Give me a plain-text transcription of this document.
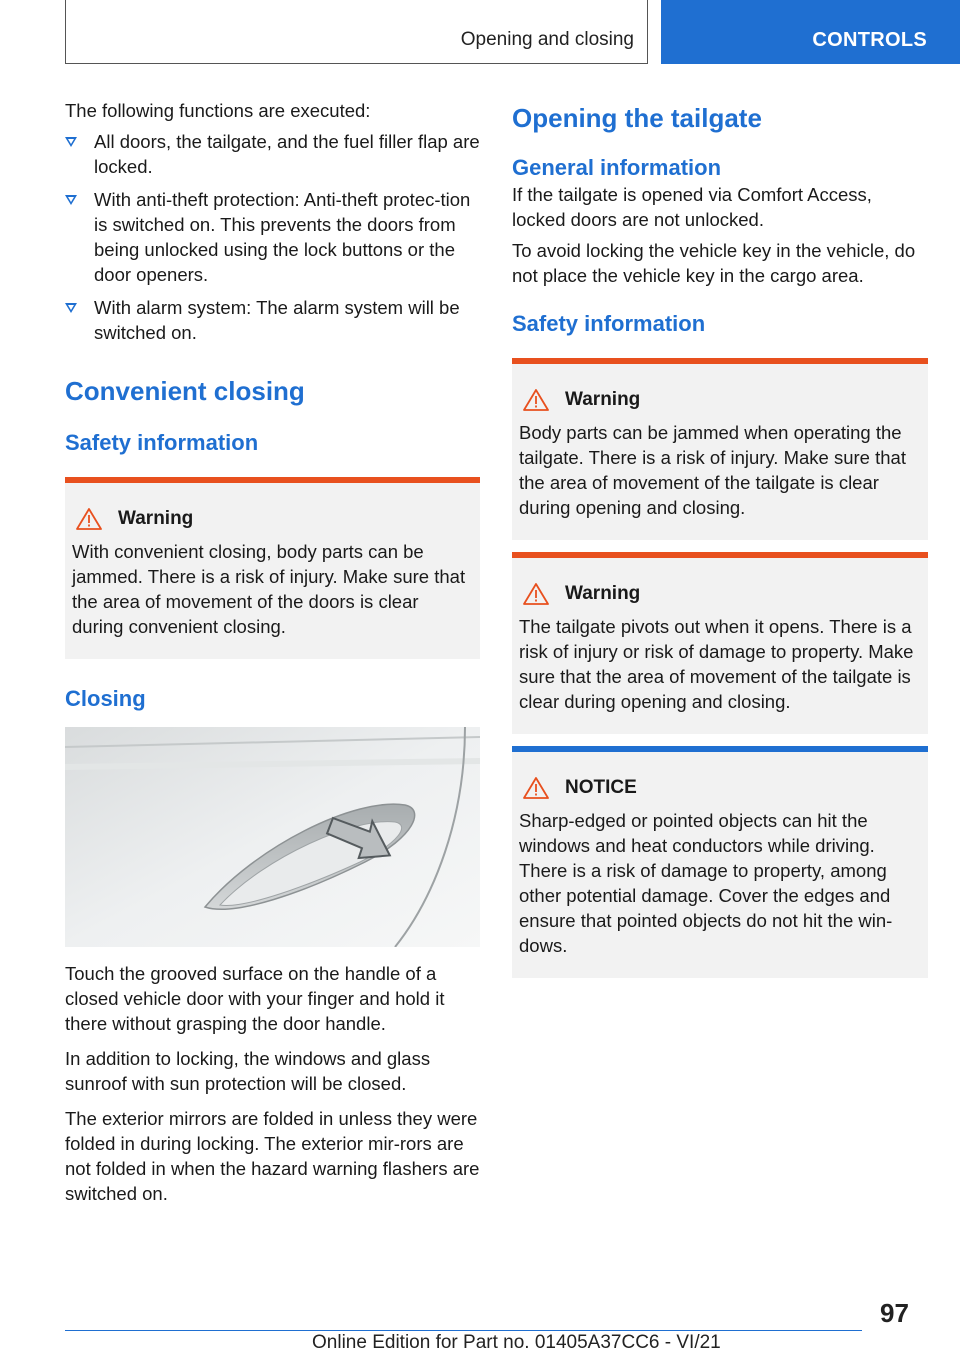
Opening and closing	CONTROLS

The following functions are executed:

All doors, the tailgate, and the fuel filler flap are locked.
With anti-theft protection: Anti-theft protec-tion is switched on. This prevents the doors from being unlocked using the lock buttons or the door openers.
With alarm system: The alarm system will be switched on.
Convenient closing
Safety information
Warning

With convenient closing, body parts can be jammed. There is a risk of injury. Make sure that the area of movement of the doors is clear during convenient closing.

Closing

Touch the grooved surface on the handle of a closed vehicle door with your finger and hold it there without grasping the door handle.

In addition to locking, the windows and glass sunroof with sun protection will be closed.

The exterior mirrors are folded in unless they were folded in during locking. The exterior mir-rors are not folded in when the hazard warning flashers are switched on.

Opening the tailgate
General information

If the tailgate is opened via Comfort Access, locked doors are not unlocked.

To avoid locking the vehicle key in the vehicle, do not place the vehicle key in the cargo area.

Safety information
Warning

Body parts can be jammed when operating the tailgate. There is a risk of injury. Make sure that the area of movement of the tailgate is clear during opening and closing.

Warning

The tailgate pivots out when it opens. There is a risk of injury or risk of damage to property. Make sure that the area of movement of the tailgate is clear during opening and closing.

NOTICE

Sharp-edged or pointed objects can hit the windows and heat conductors while driving. There is a risk of damage to property, among other potential damage. Cover the edges and ensure that pointed objects do not hit the win-dows.

97
Online Edition for Part no. 01405A37CC6 - VI/21
